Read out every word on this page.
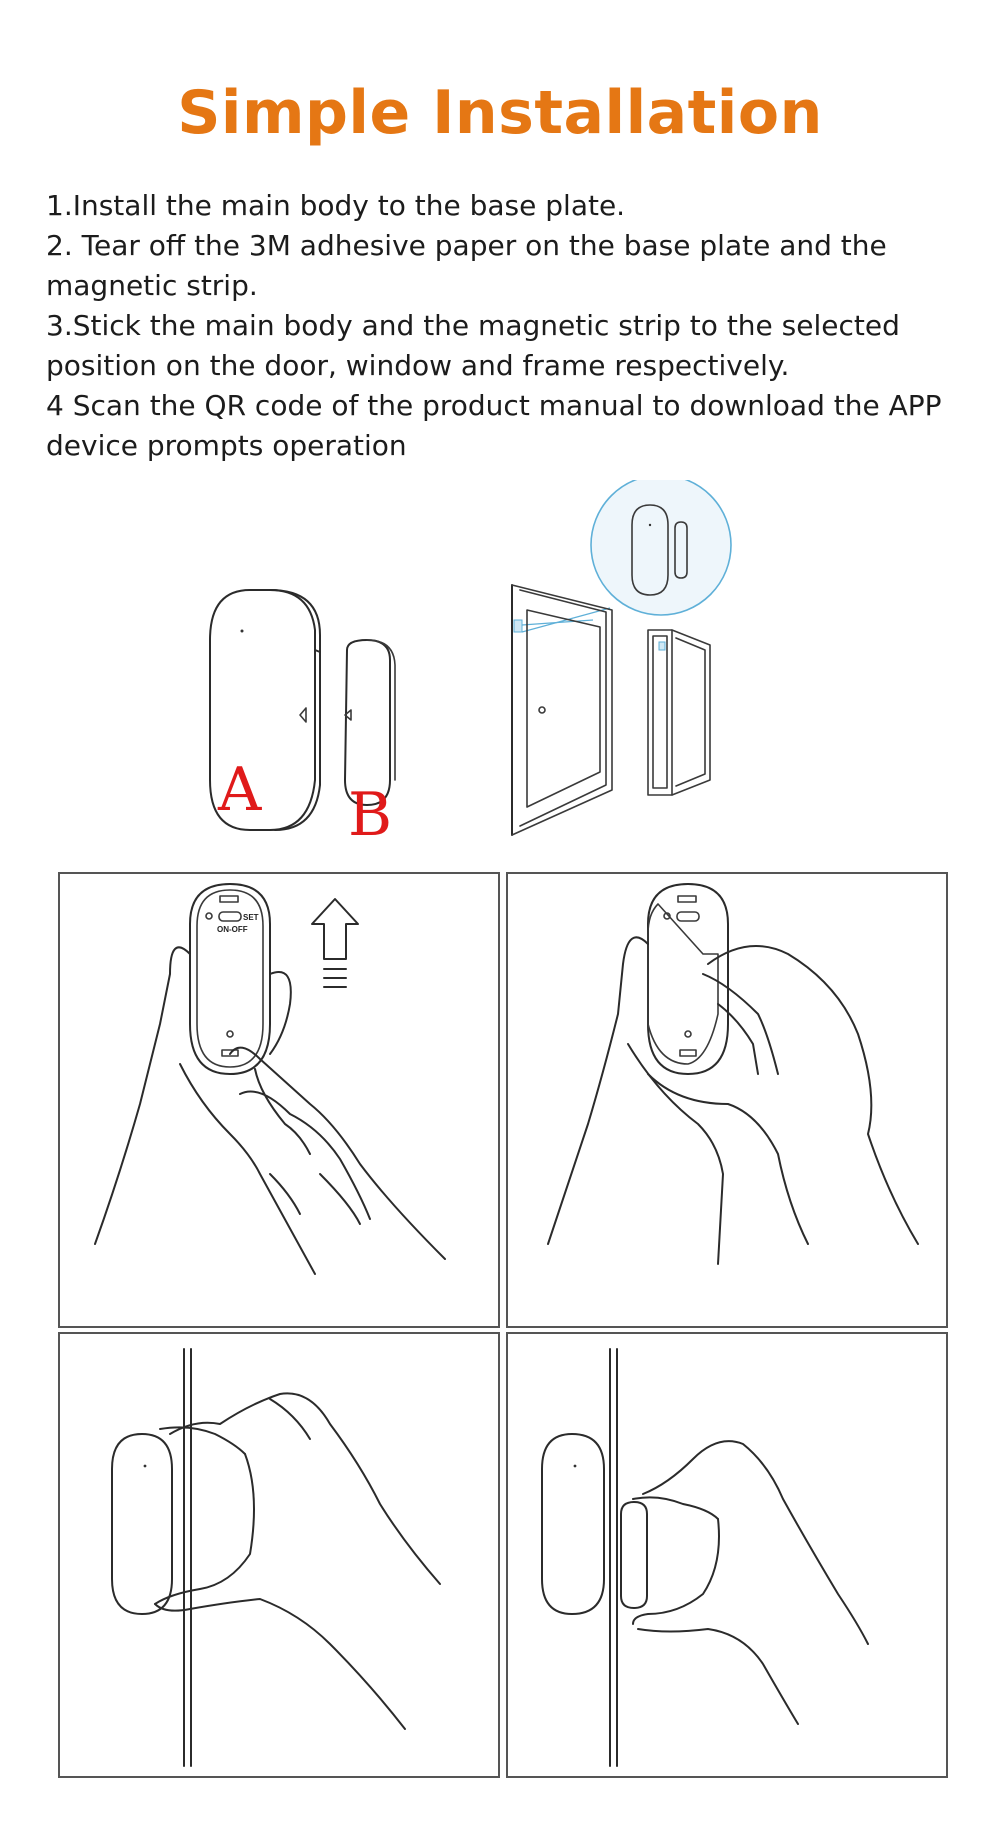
Simple Installation
1.Install the main body to the base plate.
2. Tear off the 3M adhesive paper on the base plate and the magnetic strip.
3.Stick the main body and the magnetic strip to the selected position on the door, window and frame respectively.
4 Scan the QR code of the product manual to download the APP device prompts operation
A B
SET
ON-OFF
